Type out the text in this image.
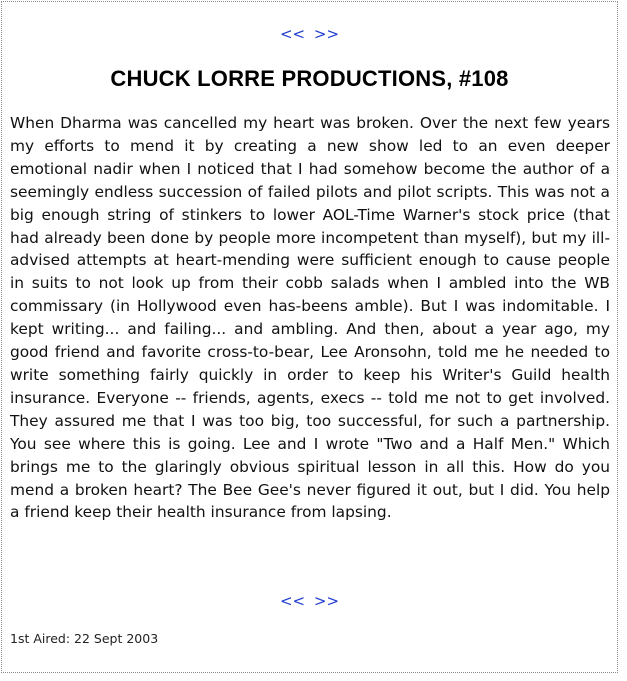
<< >>
CHUCK LORRE PRODUCTIONS, #108

When Dharma was cancelled my heart was broken. Over the next few years my efforts to mend it by creating a new show led to an even deeper emotional nadir when I noticed that I had somehow become the author of a seemingly endless succession of failed pilots and pilot scripts. This was not a big enough string of stinkers to lower AOL-Time Warner's stock price (that had already been done by people more incompetent than myself), but my ill-advised attempts at heart-mending were sufficient enough to cause people in suits to not look up from their cobb salads when I ambled into the WB commissary (in Hollywood even has-beens amble). But I was indomitable. I kept writing... and failing... and ambling. And then, about a year ago, my good friend and favorite cross-to-bear, Lee Aronsohn, told me he needed to write something fairly quickly in order to keep his Writer's Guild health insurance. Everyone -- friends, agents, execs -- told me not to get involved. They assured me that I was too big, too successful, for such a partnership. You see where this is going. Lee and I wrote "Two and a Half Men." Which brings me to the glaringly obvious spiritual lesson in all this. How do you mend a broken heart? The Bee Gee's never figured it out, but I did. You help a friend keep their health insurance from lapsing.

<< >>
1st Aired: 22 Sept 2003
